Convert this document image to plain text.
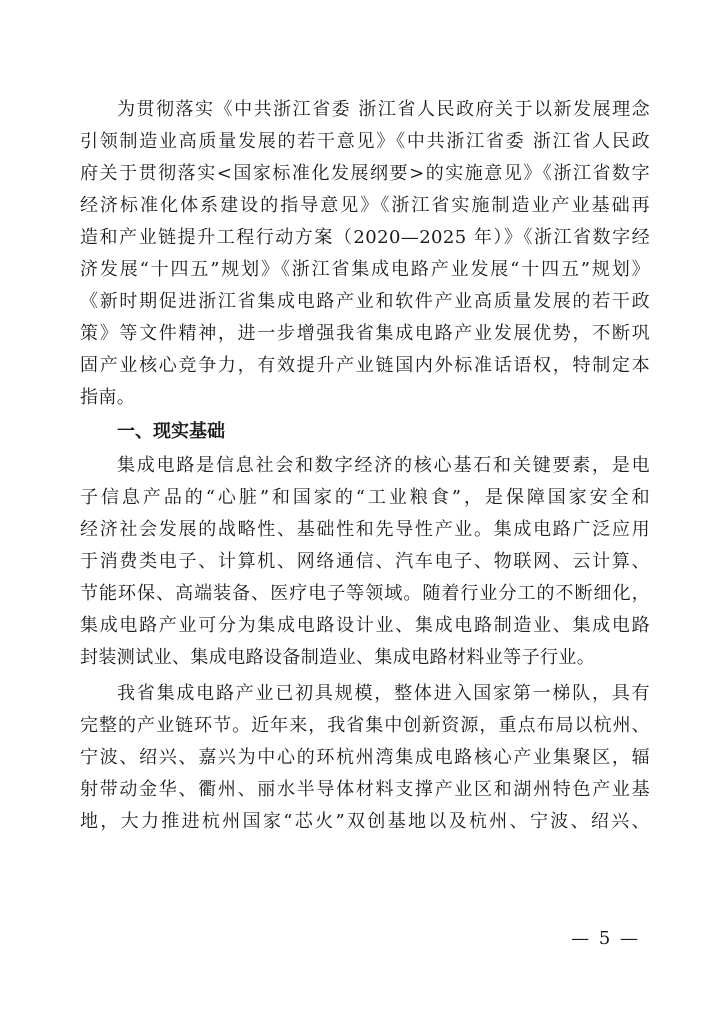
为贯彻落实《中共浙江省委 浙江省人民政府关于以新发展理念
引领制造业高质量发展的若干意见》《中共浙江省委 浙江省人民政
府关于贯彻落实<国家标准化发展纲要>的实施意见》《浙江省数字
经济标准化体系建设的指导意见》《浙江省实施制造业产业基础再
造和产业链提升工程行动方案（2020—2025 年）》《浙江省数字经
济发展“十四五”规划》《浙江省集成电路产业发展“十四五”规划》
《新时期促进浙江省集成电路产业和软件产业高质量发展的若干政
策》等文件精神，进一步增强我省集成电路产业发展优势，不断巩
固产业核心竞争力，有效提升产业链国内外标准话语权，特制定本
指南。
一、现实基础
集成电路是信息社会和数字经济的核心基石和关键要素，是电
子信息产品的“心脏”和国家的“工业粮食”，是保障国家安全和
经济社会发展的战略性、基础性和先导性产业。集成电路广泛应用
于消费类电子、计算机、网络通信、汽车电子、物联网、云计算、
节能环保、高端装备、医疗电子等领域。随着行业分工的不断细化，
集成电路产业可分为集成电路设计业、集成电路制造业、集成电路
封装测试业、集成电路设备制造业、集成电路材料业等子行业。
我省集成电路产业已初具规模，整体进入国家第一梯队，具有
完整的产业链环节。近年来，我省集中创新资源，重点布局以杭州、
宁波、绍兴、嘉兴为中心的环杭州湾集成电路核心产业集聚区，辐
射带动金华、衢州、丽水半导体材料支撑产业区和湖州特色产业基
地，大力推进杭州国家“芯火”双创基地以及杭州、宁波、绍兴、
— 5 —
